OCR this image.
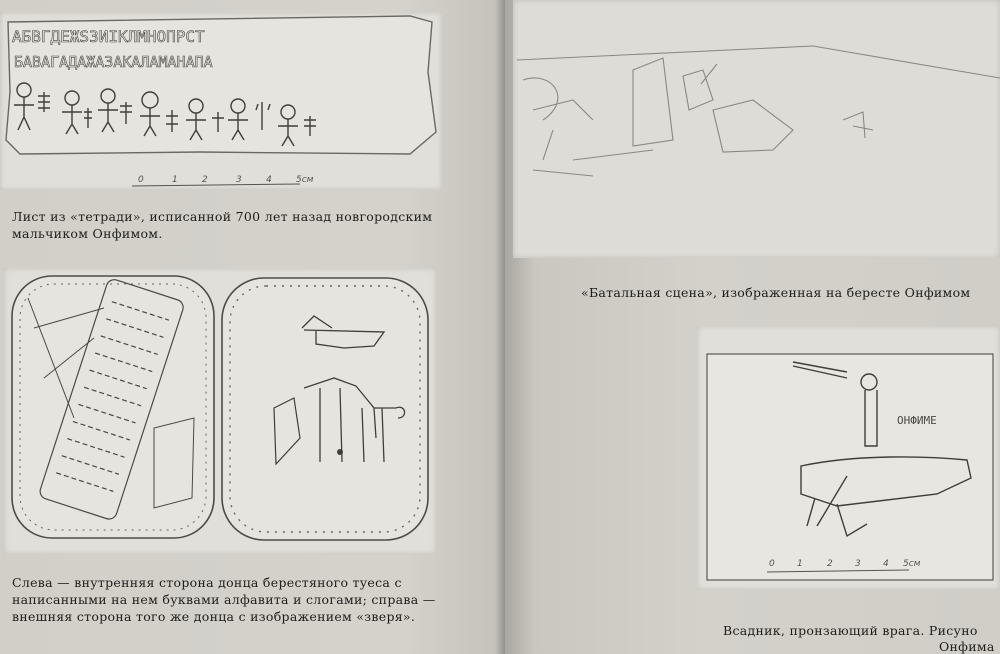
АБВГДЕЖЅЗИІКЛМНОПРСТ
БАВАГАДАЖАЗАКАЛАМАНАПА
0	1	2	3	4	5см
Лист из «тетради», исписанной 700 лет назад новгородским
мальчиком Онфимом.
Слева — внутренняя сторона донца берестяного туеса с
написанными на нем буквами алфавита и слогами; справа —
внешняя сторона того же донца с изображением «зверя».
«Батальная сцена», изображенная на бересте Онфимом
ОНФИМЕ
0 1	2 3 4 5см
Всадник, пронзающий врага. Рисуно
Онфима
